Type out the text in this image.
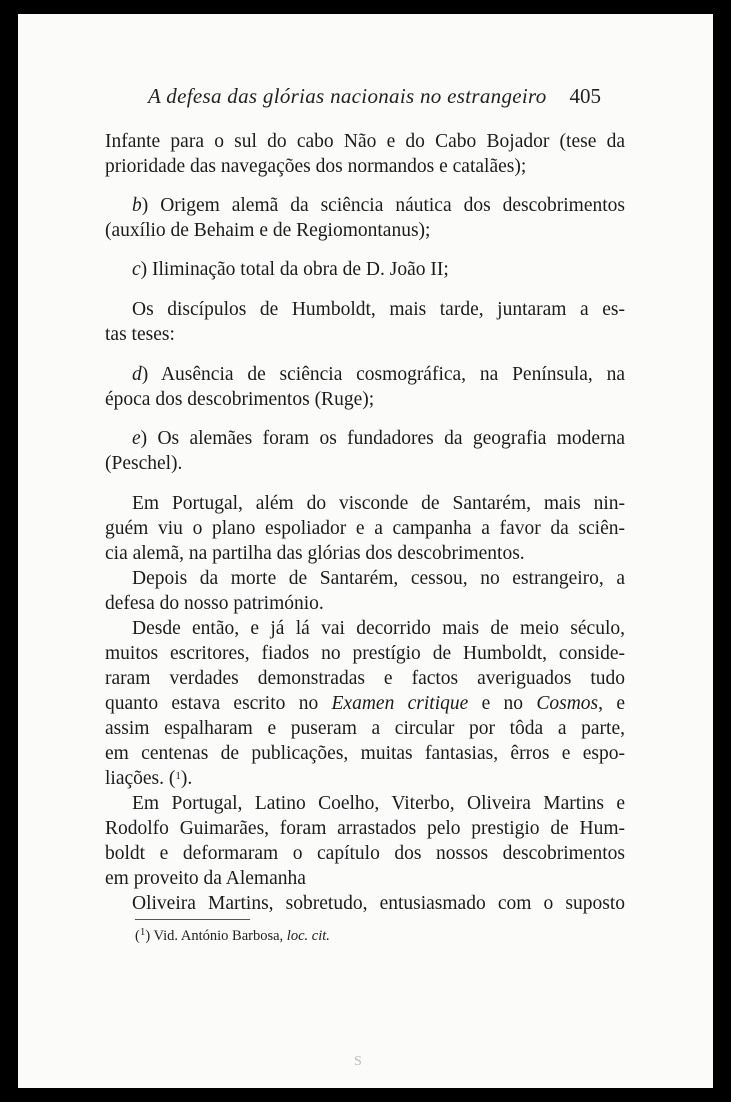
A defesa das glórias nacionais no estrangeiro 405
Infante para o sul do cabo Não e do Cabo Bojador (tese da
prioridade das navegações dos normandos e catalães);
b) Origem alemã da sciência náutica dos descobrimentos
(auxílio de Behaim e de Regiomontanus);
c) Iliminação total da obra de D. João II;
Os discípulos de Humboldt, mais tarde, juntaram a es-
tas teses:
d) Ausência de sciência cosmográfica, na Península, na
época dos descobrimentos (Ruge);
e) Os alemães foram os fundadores da geografia moderna
(Peschel).
Em Portugal, além do visconde de Santarém, mais nin-
guém viu o plano espoliador e a campanha a favor da sciên-
cia alemã, na partilha das glórias dos descobrimentos.
Depois da morte de Santarém, cessou, no estrangeiro, a
defesa do nosso património.
Desde então, e já lá vai decorrido mais de meio século,
muitos escritores, fiados no prestígio de Humboldt, conside-
raram verdades demonstradas e factos averiguados tudo
quanto estava escrito no Examen critique e no Cosmos, e
assim espalharam e puseram a circular por tôda a parte,
em centenas de publicações, muitas fantasias, êrros e espo-
liações. ($^1$).
Em Portugal, Latino Coelho, Viterbo, Oliveira Martins e
Rodolfo Guimarães, foram arrastados pelo prestigio de Hum-
boldt e deformaram o capítulo dos nossos descobrimentos
em proveito da Alemanha
Oliveira Martins, sobretudo, entusiasmado com o suposto
($^1$) Vid. António Barbosa, loc. cit.
S
